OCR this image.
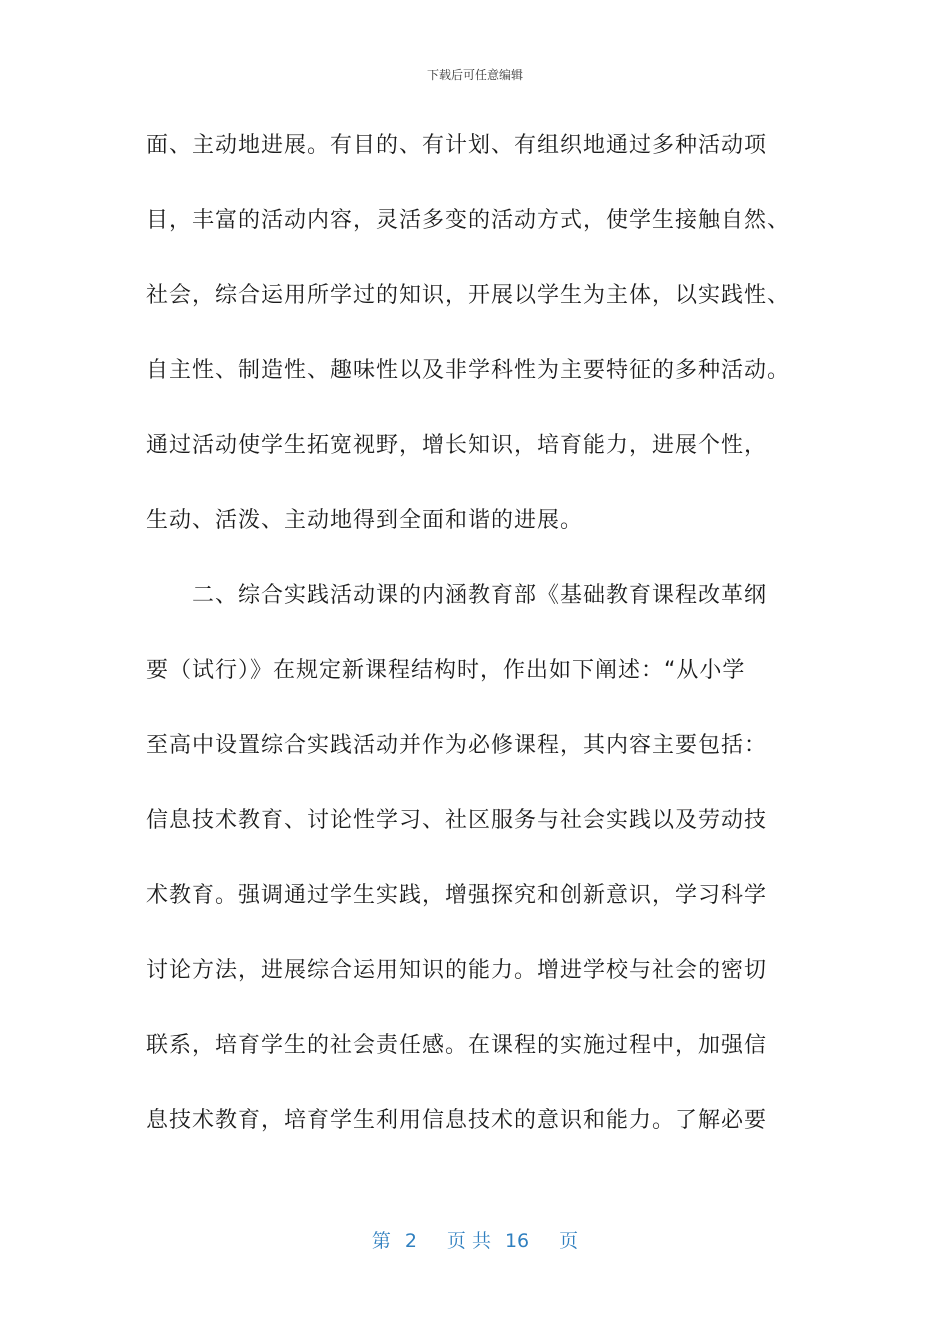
下载后可任意编辑
面、主动地进展。有目的、有计划、有组织地通过多种活动项
目，丰富的活动内容，灵活多变的活动方式，使学生接触自然、
社会，综合运用所学过的知识，开展以学生为主体，以实践性、
自主性、制造性、趣味性以及非学科性为主要特征的多种活动。
通过活动使学生拓宽视野，增长知识，培育能力，进展个性，
生动、活泼、主动地得到全面和谐的进展。
　　二、综合实践活动课的内涵教育部《基础教育课程改革纲
要（试行）》在规定新课程结构时，作出如下阐述：“从小学
至高中设置综合实践活动并作为必修课程，其内容主要包括：
信息技术教育、讨论性学习、社区服务与社会实践以及劳动技
术教育。强调通过学生实践，增强探究和创新意识，学习科学
讨论方法，进展综合运用知识的能力。增进学校与社会的密切
联系，培育学生的社会责任感。在课程的实施过程中，加强信
息技术教育，培育学生利用信息技术的意识和能力。了解必要
第 2 页 共 16 页
